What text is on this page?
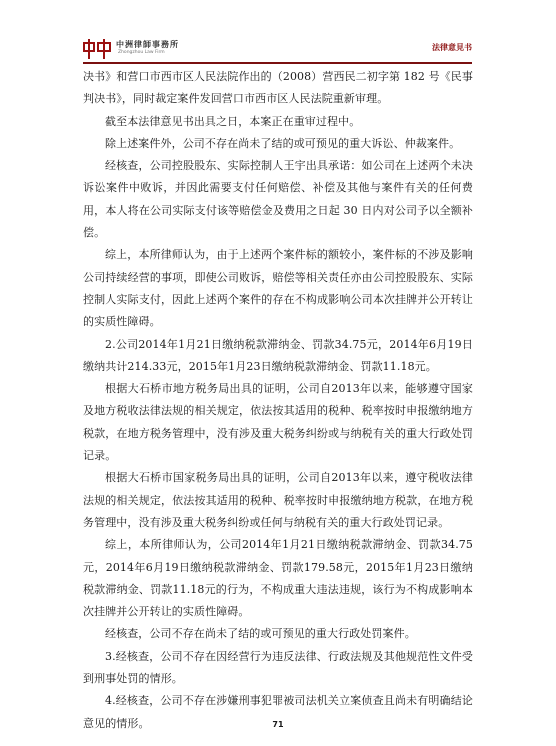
中洲律師事務所
Zhongzhou Law Firm
法律意見书

决书》和营口市西市区人民法院作出的（2008）营西民二初字第 182 号《民事判决书》，同时裁定案件发回营口市西市区人民法院重新审理。

截至本法律意见书出具之日，本案正在重审过程中。

除上述案件外，公司不存在尚未了结的或可预见的重大诉讼、仲裁案件。

经核查，公司控股股东、实际控制人王宇出具承诺：如公司在上述两个未决诉讼案件中败诉，并因此需要支付任何赔偿、补偿及其他与案件有关的任何费用，本人将在公司实际支付该等赔偿金及费用之日起 30 日内对公司予以全额补偿。

综上，本所律师认为，由于上述两个案件标的额较小，案件标的不涉及影响公司持续经营的事项，即使公司败诉，赔偿等相关责任亦由公司控股股东、实际控制人实际支付，因此上述两个案件的存在不构成影响公司本次挂牌并公开转让的实质性障碍。

2.公司2014年1月21日缴纳税款滞纳金、罚款34.75元，2014年6月19日缴纳共计214.33元，2015年1月23日缴纳税款滞纳金、罚款11.18元。

根据大石桥市地方税务局出具的证明，公司自2013年以来，能够遵守国家及地方税收法律法规的相关规定，依法按其适用的税种、税率按时申报缴纳地方税款，在地方税务管理中，没有涉及重大税务纠纷或与纳税有关的重大行政处罚记录。

根据大石桥市国家税务局出具的证明，公司自2013年以来，遵守税收法律法规的相关规定，依法按其适用的税种、税率按时申报缴纳地方税款，在地方税务管理中，没有涉及重大税务纠纷或任何与纳税有关的重大行政处罚记录。

综上，本所律师认为，公司2014年1月21日缴纳税款滞纳金、罚款34.75元，2014年6月19日缴纳税款滞纳金、罚款179.58元，2015年1月23日缴纳税款滞纳金、罚款11.18元的行为，不构成重大违法违规，该行为不构成影响本次挂牌并公开转让的实质性障碍。

经核查，公司不存在尚未了结的或可预见的重大行政处罚案件。

3.经核查，公司不存在因经营行为违反法律、行政法规及其他规范性文件受到刑事处罚的情形。

4.经核查，公司不存在涉嫌刑事犯罪被司法机关立案侦查且尚未有明确结论意见的情形。	71
